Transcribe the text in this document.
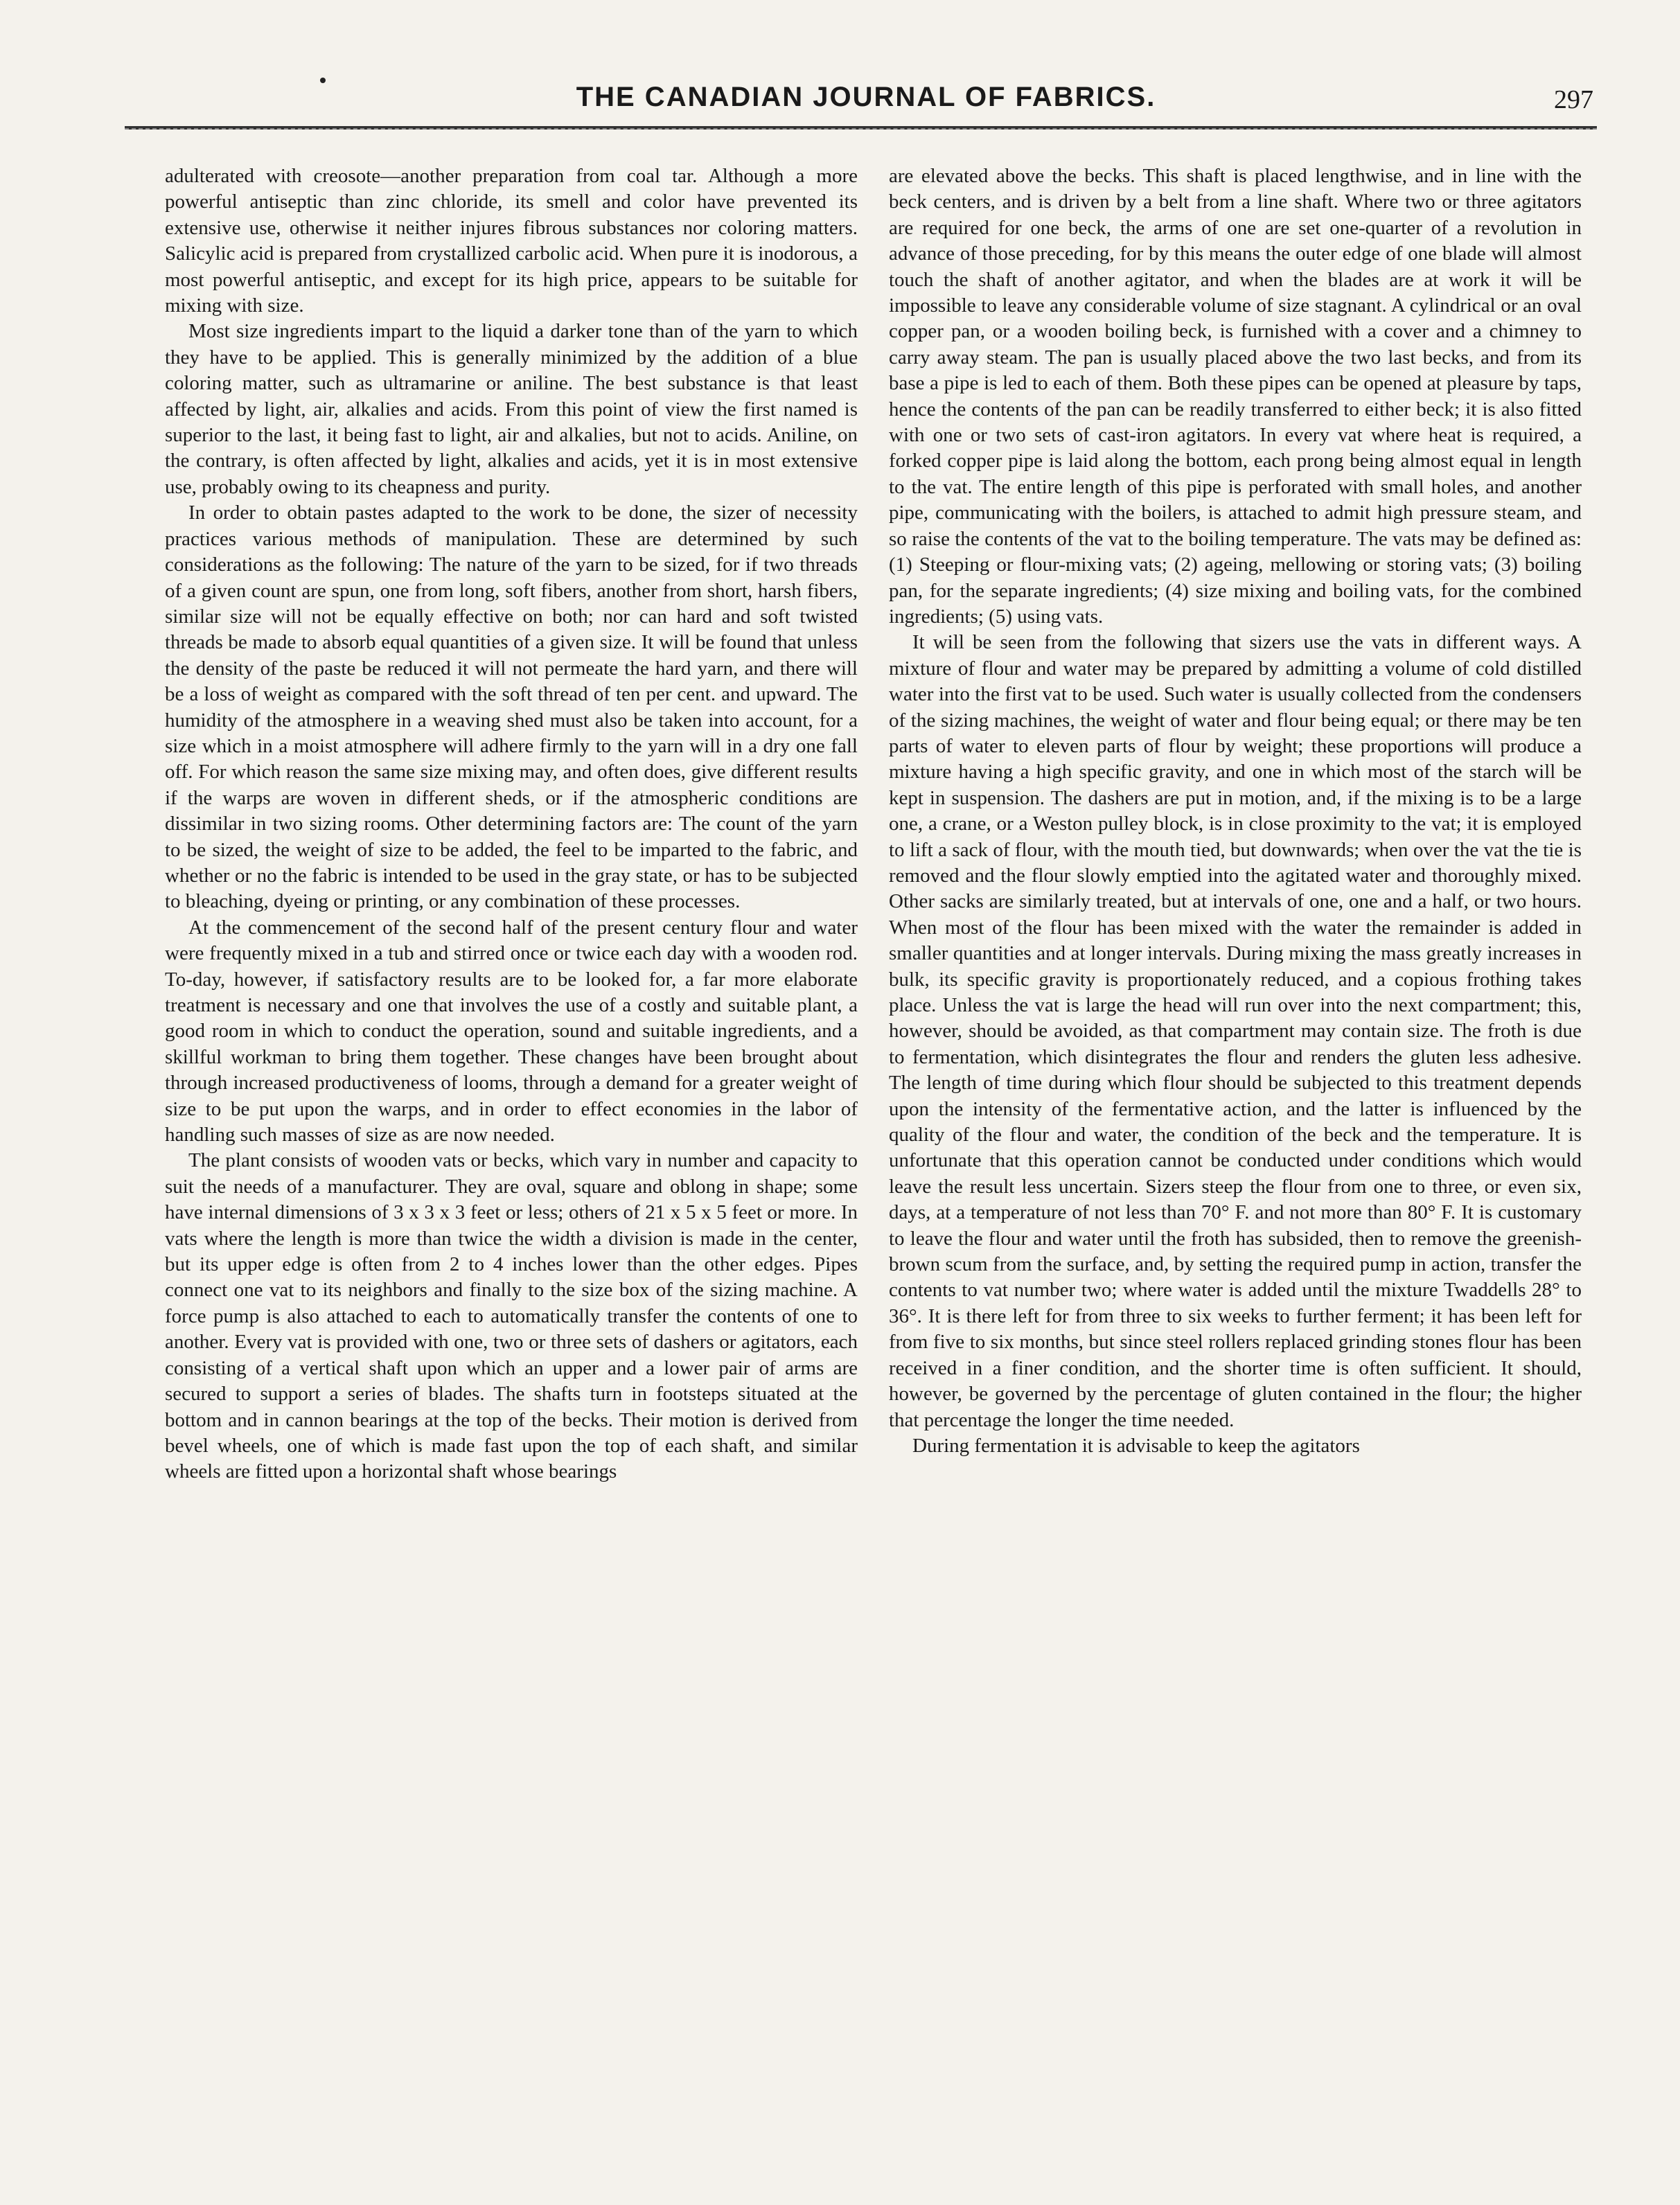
THE CANADIAN JOURNAL OF FABRICS.	297

adulterated with creosote—another preparation from coal tar. Although a more powerful antiseptic than zinc chloride, its smell and color have prevented its extensive use, otherwise it neither injures fibrous substances nor coloring matters. Salicylic acid is prepared from crystallized carbolic acid. When pure it is inodorous, a most powerful antiseptic, and except for its high price, appears to be suitable for mixing with size.

Most size ingredients impart to the liquid a darker tone than of the yarn to which they have to be applied. This is generally minimized by the addition of a blue coloring matter, such as ultramarine or aniline. The best substance is that least affected by light, air, alkalies and acids. From this point of view the first named is superior to the last, it being fast to light, air and alkalies, but not to acids. Aniline, on the contrary, is often affected by light, alkalies and acids, yet it is in most extensive use, probably owing to its cheapness and purity.

In order to obtain pastes adapted to the work to be done, the sizer of necessity practices various methods of manipulation. These are determined by such considerations as the following: The nature of the yarn to be sized, for if two threads of a given count are spun, one from long, soft fibers, another from short, harsh fibers, similar size will not be equally effective on both; nor can hard and soft twisted threads be made to absorb equal quantities of a given size. It will be found that unless the density of the paste be reduced it will not permeate the hard yarn, and there will be a loss of weight as compared with the soft thread of ten per cent. and upward. The humidity of the atmosphere in a weaving shed must also be taken into account, for a size which in a moist atmosphere will adhere firmly to the yarn will in a dry one fall off. For which reason the same size mixing may, and often does, give different results if the warps are woven in different sheds, or if the atmospheric conditions are dissimilar in two sizing rooms. Other determining factors are: The count of the yarn to be sized, the weight of size to be added, the feel to be imparted to the fabric, and whether or no the fabric is intended to be used in the gray state, or has to be subjected to bleaching, dyeing or printing, or any combination of these processes.

At the commencement of the second half of the present century flour and water were frequently mixed in a tub and stirred once or twice each day with a wooden rod. To-day, however, if satisfactory results are to be looked for, a far more elaborate treatment is necessary and one that involves the use of a costly and suitable plant, a good room in which to conduct the operation, sound and suitable ingredients, and a skillful workman to bring them together. These changes have been brought about through increased productiveness of looms, through a demand for a greater weight of size to be put upon the warps, and in order to effect economies in the labor of handling such masses of size as are now needed.

The plant consists of wooden vats or becks, which vary in number and capacity to suit the needs of a manufacturer. They are oval, square and oblong in shape; some have internal dimensions of 3 x 3 x 3 feet or less; others of 21 x 5 x 5 feet or more. In vats where the length is more than twice the width a division is made in the center, but its upper edge is often from 2 to 4 inches lower than the other edges. Pipes connect one vat to its neighbors and finally to the size box of the sizing machine. A force pump is also attached to each to automatically transfer the contents of one to another. Every vat is provided with one, two or three sets of dashers or agitators, each consisting of a vertical shaft upon which an upper and a lower pair of arms are secured to support a series of blades. The shafts turn in footsteps situated at the bottom and in cannon bearings at the top of the becks. Their motion is derived from bevel wheels, one of which is made fast upon the top of each shaft, and similar wheels are fitted upon a horizontal shaft whose bearings

are elevated above the becks. This shaft is placed lengthwise, and in line with the beck centers, and is driven by a belt from a line shaft. Where two or three agitators are required for one beck, the arms of one are set one-quarter of a revolution in advance of those preceding, for by this means the outer edge of one blade will almost touch the shaft of another agitator, and when the blades are at work it will be impossible to leave any considerable volume of size stagnant. A cylindrical or an oval copper pan, or a wooden boiling beck, is furnished with a cover and a chimney to carry away steam. The pan is usually placed above the two last becks, and from its base a pipe is led to each of them. Both these pipes can be opened at pleasure by taps, hence the contents of the pan can be readily transferred to either beck; it is also fitted with one or two sets of cast-iron agitators. In every vat where heat is required, a forked copper pipe is laid along the bottom, each prong being almost equal in length to the vat. The entire length of this pipe is perforated with small holes, and another pipe, communicating with the boilers, is attached to admit high pressure steam, and so raise the contents of the vat to the boiling temperature. The vats may be defined as: (1) Steeping or flour-mixing vats; (2) ageing, mellowing or storing vats; (3) boiling pan, for the separate ingredients; (4) size mixing and boiling vats, for the combined ingredients; (5) using vats.

It will be seen from the following that sizers use the vats in different ways. A mixture of flour and water may be prepared by admitting a volume of cold distilled water into the first vat to be used. Such water is usually collected from the condensers of the sizing machines, the weight of water and flour being equal; or there may be ten parts of water to eleven parts of flour by weight; these proportions will produce a mixture having a high specific gravity, and one in which most of the starch will be kept in suspension. The dashers are put in motion, and, if the mixing is to be a large one, a crane, or a Weston pulley block, is in close proximity to the vat; it is employed to lift a sack of flour, with the mouth tied, but downwards; when over the vat the tie is removed and the flour slowly emptied into the agitated water and thoroughly mixed. Other sacks are similarly treated, but at intervals of one, one and a half, or two hours. When most of the flour has been mixed with the water the remainder is added in smaller quantities and at longer intervals. During mixing the mass greatly increases in bulk, its specific gravity is proportionately reduced, and a copious frothing takes place. Unless the vat is large the head will run over into the next compartment; this, however, should be avoided, as that compartment may contain size. The froth is due to fermentation, which disintegrates the flour and renders the gluten less adhesive. The length of time during which flour should be subjected to this treatment depends upon the intensity of the fermentative action, and the latter is influenced by the quality of the flour and water, the condition of the beck and the temperature. It is unfortunate that this operation cannot be conducted under conditions which would leave the result less uncertain. Sizers steep the flour from one to three, or even six, days, at a temperature of not less than 70° F. and not more than 80° F. It is customary to leave the flour and water until the froth has subsided, then to remove the greenish-brown scum from the surface, and, by setting the required pump in action, transfer the contents to vat number two; where water is added until the mixture Twaddells 28° to 36°. It is there left for from three to six weeks to further ferment; it has been left for from five to six months, but since steel rollers replaced grinding stones flour has been received in a finer condition, and the shorter time is often sufficient. It should, however, be governed by the percentage of gluten contained in the flour; the higher that percentage the longer the time needed.

During fermentation it is advisable to keep the agitators
